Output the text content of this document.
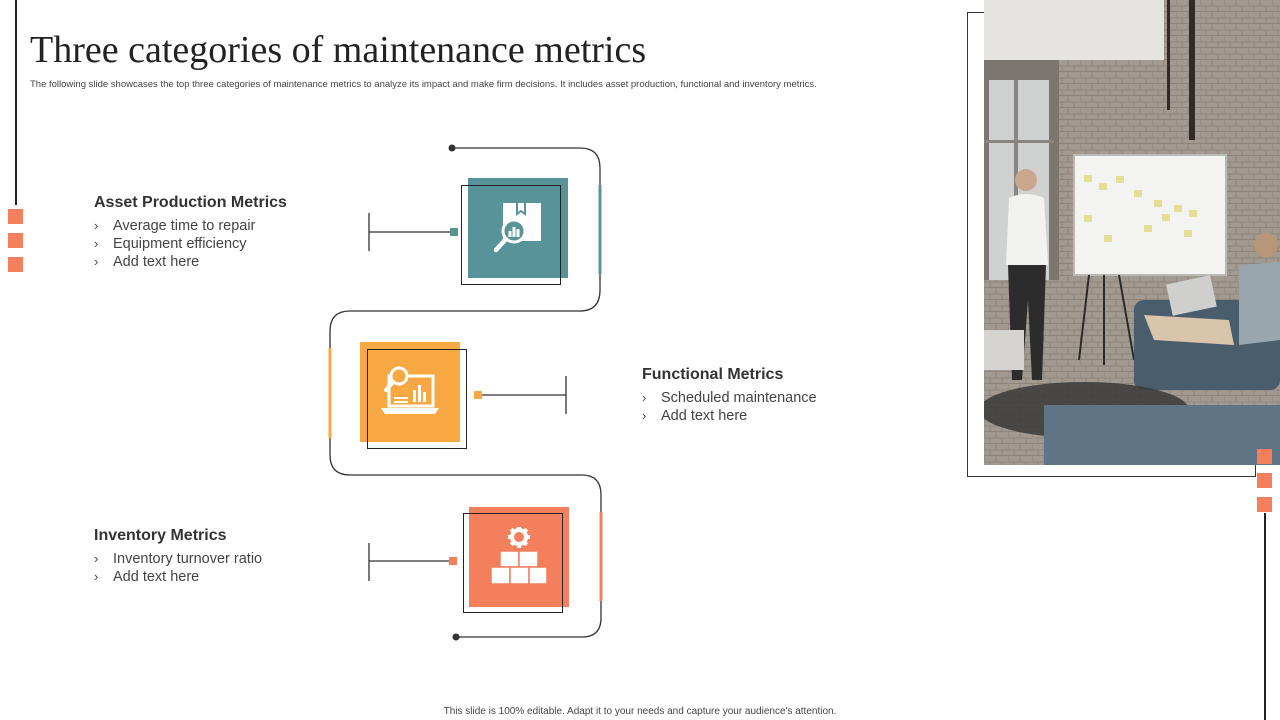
Three categories of maintenance metrics
The following slide showcases the top three categories of maintenance metrics to analyze its impact and make firm decisions. It includes asset production, functional and inventory metrics.
Asset Production Metrics
› Average time to repair
› Equipment efficiency
› Add text here
Functional Metrics
› Scheduled maintenance
› Add text here
Inventory Metrics
› Inventory turnover ratio
› Add text here
This slide is 100% editable. Adapt it to your needs and capture your audience's attention.
